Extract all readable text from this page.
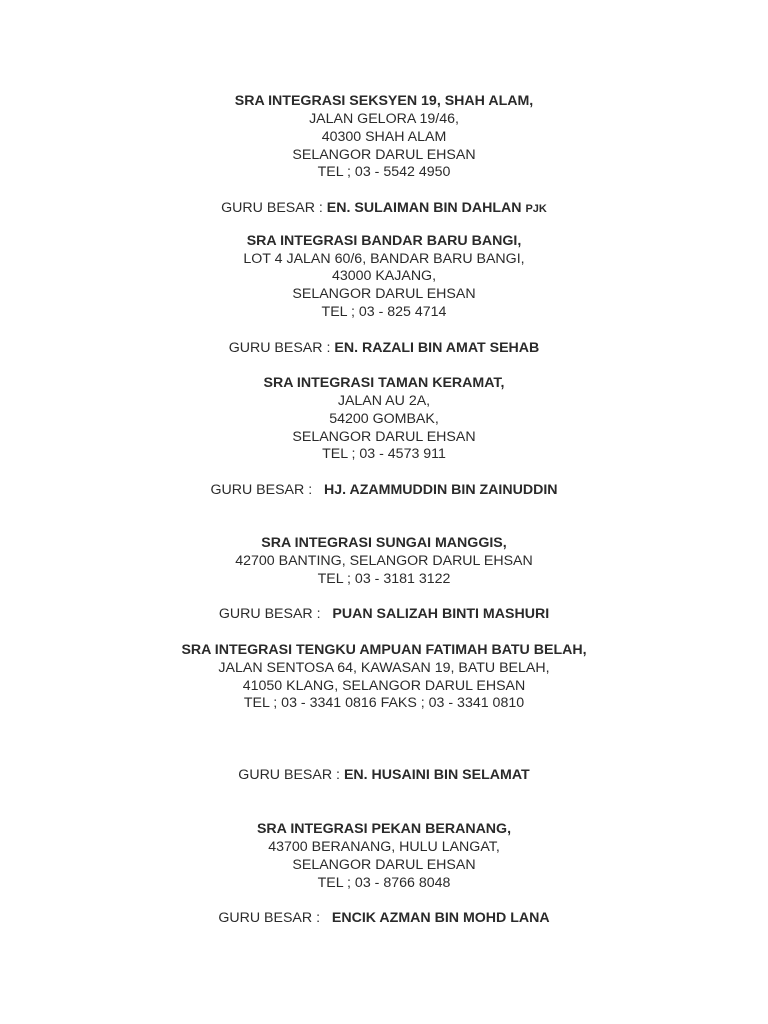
SRA INTEGRASI SEKSYEN 19, SHAH ALAM,
JALAN GELORA 19/46,
40300 SHAH ALAM
SELANGOR DARUL EHSAN
TEL ; 03 - 5542 4950
GURU BESAR : EN. SULAIMAN BIN DAHLAN PJK
SRA INTEGRASI BANDAR BARU BANGI,
LOT 4 JALAN 60/6, BANDAR BARU BANGI,
43000 KAJANG,
SELANGOR DARUL EHSAN
TEL ; 03 - 825 4714
GURU BESAR : EN. RAZALI BIN AMAT SEHAB
SRA INTEGRASI TAMAN KERAMAT,
JALAN AU 2A,
54200 GOMBAK,
SELANGOR DARUL EHSAN
TEL ; 03 - 4573 911
GURU BESAR :   HJ. AZAMMUDDIN BIN ZAINUDDIN
SRA INTEGRASI SUNGAI MANGGIS,
42700 BANTING, SELANGOR DARUL EHSAN
TEL ; 03 - 3181 3122
GURU BESAR :   PUAN SALIZAH BINTI MASHURI
SRA INTEGRASI TENGKU AMPUAN FATIMAH BATU BELAH,
JALAN SENTOSA 64, KAWASAN 19, BATU BELAH,
41050 KLANG, SELANGOR DARUL EHSAN
TEL ; 03 - 3341 0816 FAKS ; 03 - 3341 0810
GURU BESAR : EN. HUSAINI BIN SELAMAT
SRA INTEGRASI PEKAN BERANANG,
43700 BERANANG, HULU LANGAT,
SELANGOR DARUL EHSAN
TEL ; 03 - 8766 8048
GURU BESAR :   ENCIK AZMAN BIN MOHD LANA
